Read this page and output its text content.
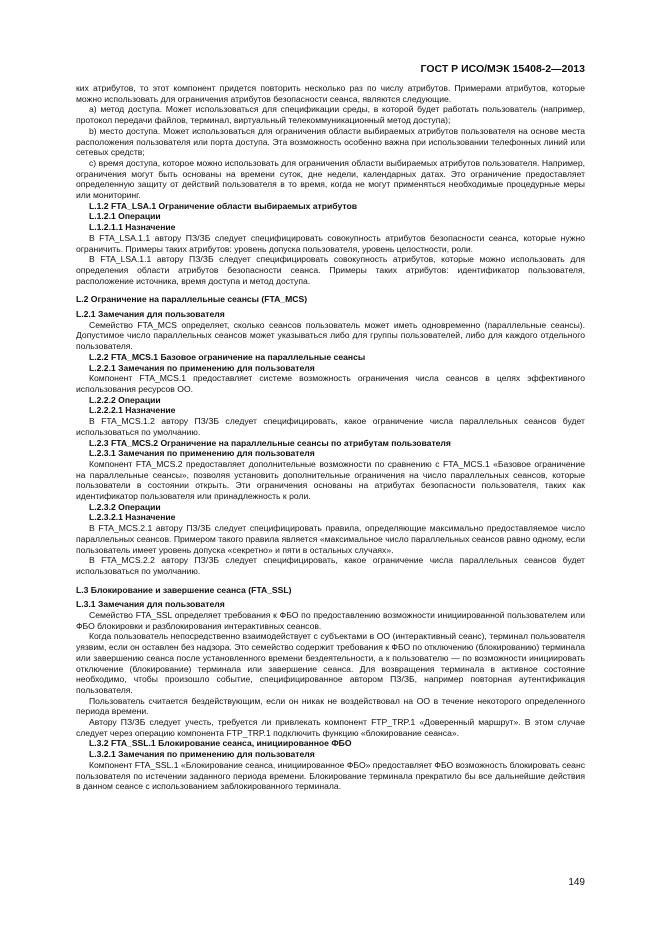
ГОСТ Р ИСО/МЭК 15408-2—2013

ких атрибутов, то этот компонент придется повторить несколько раз по числу атрибутов. Примерами атрибутов, которые можно использовать для ограничения атрибутов безопасности сеанса, являются следующие.

a) метод доступа. Может использоваться для спецификации среды, в которой будет работать пользователь (например, протокол передачи файлов, терминал, виртуальный телекоммуникационный метод доступа);

b) место доступа. Может использоваться для ограничения области выбираемых атрибутов пользователя на основе места расположения пользователя или порта доступа. Эта возможность особенно важна при использовании телефонных линий или сетевых средств;

c) время доступа, которое можно использовать для ограничения области выбираемых атрибутов пользователя. Например, ограничения могут быть основаны на времени суток, дне недели, календарных датах. Это ограничение предоставляет определенную защиту от действий пользователя в то время, когда не могут применяться необходимые процедурные меры или мониторинг.

L.1.2 FTA_LSA.1 Ограничение области выбираемых атрибутов

L.1.2.1 Операции

L.1.2.1.1 Назначение

В FTA_LSA.1.1 автору ПЗ/ЗБ следует специфицировать совокупность атрибутов безопасности сеанса, которые нужно ограничить. Примеры таких атрибутов: уровень допуска пользователя, уровень целостности, роли.

В FTA_LSA.1.1 автору ПЗ/ЗБ следует специфицировать совокупность атрибутов, которые можно использовать для определения области атрибутов безопасности сеанса. Примеры таких атрибутов: идентификатор пользователя, расположение источника, время доступа и метод доступа.

L.2 Ограничение на параллельные сеансы (FTA_MCS)

L.2.1 Замечания для пользователя

Семейство FTA_MCS определяет, сколько сеансов пользователь может иметь одновременно (параллельные сеансы). Допустимое число параллельных сеансов может указываться либо для группы пользователей, либо для каждого отдельного пользователя.

L.2.2 FTA_MCS.1 Базовое ограничение на параллельные сеансы

L.2.2.1 Замечания по применению для пользователя

Компонент FTA_MCS.1 предоставляет системе возможность ограничения числа сеансов в целях эффективного использования ресурсов ОО.

L.2.2.2 Операции

L.2.2.2.1 Назначение

В FTA_MCS.1.2 автору ПЗ/ЗБ следует специфицировать, какое ограничение числа параллельных сеансов будет использоваться по умолчанию.

L.2.3 FTA_MCS.2 Ограничение на параллельные сеансы по атрибутам пользователя

L.2.3.1 Замечания по применению для пользователя

Компонент FTA_MCS.2 предоставляет дополнительные возможности по сравнению с FTA_MCS.1 «Базовое ограничение на параллельные сеансы», позволяя установить дополнительные ограничения на число параллельных сеансов, которые пользователи в состоянии открыть. Эти ограничения основаны на атрибутах безопасности пользователя, таких как идентификатор пользователя или принадлежность к роли.

L.2.3.2 Операции

L.2.3.2.1 Назначение

В FTA_MCS.2.1 автору ПЗ/ЗБ следует специфицировать правила, определяющие максимально предоставляемое число параллельных сеансов. Примером такого правила является «максимальное число параллельных сеансов равно одному, если пользователь имеет уровень допуска «секретно» и пяти в остальных случаях».

В FTA_MCS.2.2 автору ПЗ/ЗБ следует специфицировать, какое ограничение числа параллельных сеансов будет использоваться по умолчанию.

L.3 Блокирование и завершение сеанса (FTA_SSL)

L.3.1 Замечания для пользователя

Семейство FTA_SSL определяет требования к ФБО по предоставлению возможности инициированной пользователем или ФБО блокировки и разблокирования интерактивных сеансов.

Когда пользователь непосредственно взаимодействует с субъектами в ОО (интерактивный сеанс), терминал пользователя уязвим, если он оставлен без надзора. Это семейство содержит требования к ФБО по отключению (блокированию) терминала или завершению сеанса после установленного времени бездеятельности, а к пользователю — по возможности инициировать отключение (блокирование) терминала или завершение сеанса. Для возвращения терминала в активное состояние необходимо, чтобы произошло событие, специфицированное автором ПЗ/ЗБ, например повторная аутентификация пользователя.

Пользователь считается бездействующим, если он никак не воздействовал на ОО в течение некоторого определенного периода времени.

Автору ПЗ/ЗБ следует учесть, требуется ли привлекать компонент FTP_TRP.1 «Доверенный маршрут». В этом случае следует через операцию компонента FTP_TRP.1 подключить функцию «блокирование сеанса».

L.3.2 FTA_SSL.1 Блокирование сеанса, инициированное ФБО

L.3.2.1 Замечания по применению для пользователя

Компонент FTA_SSL.1 «Блокирование сеанса, инициированное ФБО» предоставляет ФБО возможность блокировать сеанс пользователя по истечении заданного периода времени. Блокирование терминала прекратило бы все дальнейшие действия в данном сеансе с использованием заблокированного терминала.

149
